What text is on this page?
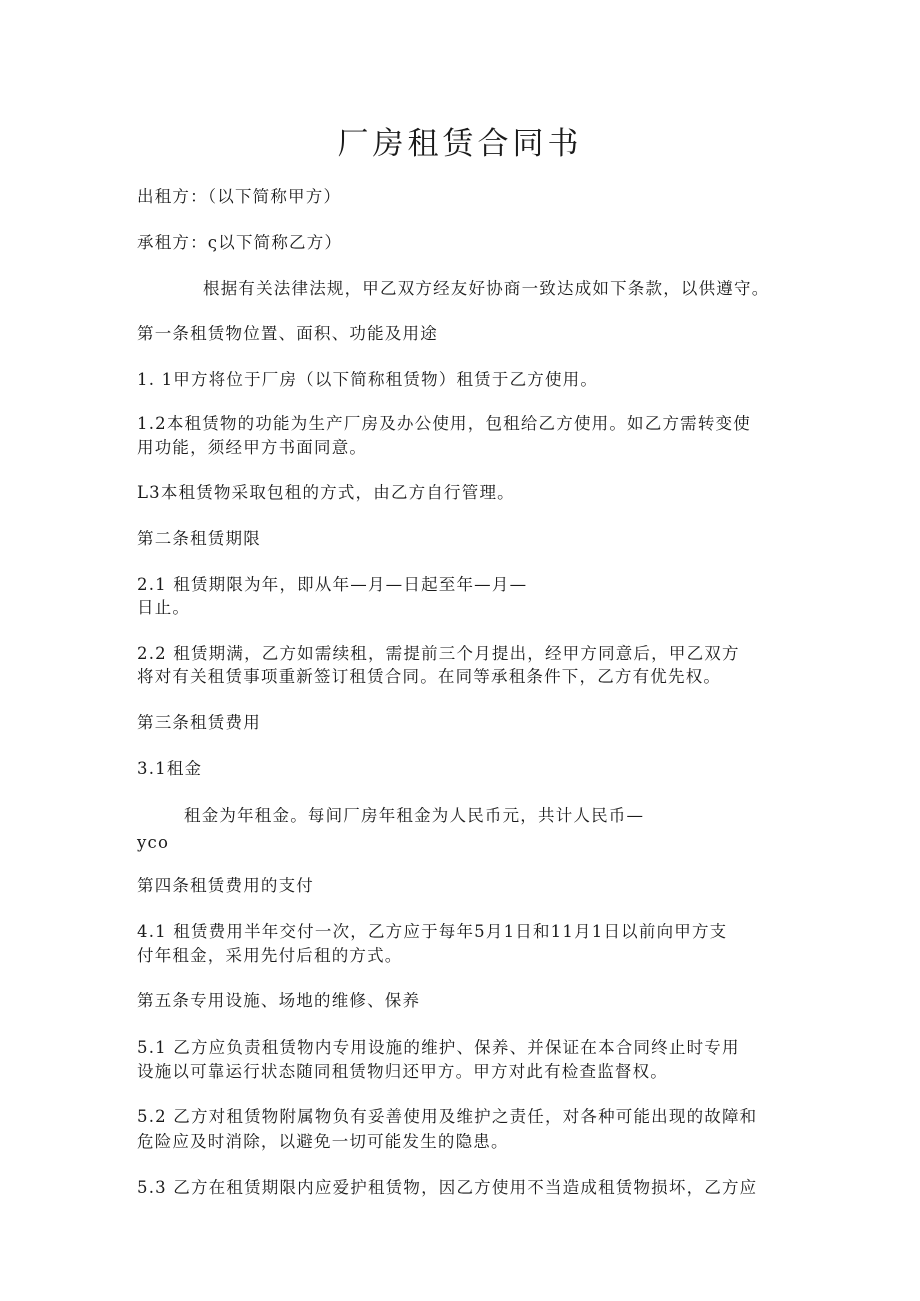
厂房租赁合同书
出租方：（以下简称甲方）
承租方：ς以下简称乙方）
根据有关法律法规，甲乙双方经友好协商一致达成如下条款，以供遵守。
第一条租赁物位置、面积、功能及用途
1. 1甲方将位于厂房（以下简称租赁物）租赁于乙方使用。
1.2本租赁物的功能为生产厂房及办公使用，包租给乙方使用。如乙方需转变使
用功能，须经甲方书面同意。
L3本租赁物采取包租的方式，由乙方自行管理。
第二条租赁期限
2.1 租赁期限为年，即从年—月—日起至年—月—
日止。
2.2 租赁期满，乙方如需续租，需提前三个月提出，经甲方同意后，甲乙双方
将对有关租赁事项重新签订租赁合同。在同等承租条件下，乙方有优先权。
第三条租赁费用
3.1租金
租金为年租金。每间厂房年租金为人民币元，共计人民币—
yco
第四条租赁费用的支付
4.1 租赁费用半年交付一次，乙方应于每年5月1日和11月1日以前向甲方支
付年租金，采用先付后租的方式。
第五条专用设施、场地的维修、保养
5.1 乙方应负责租赁物内专用设施的维护、保养、并保证在本合同终止时专用
设施以可靠运行状态随同租赁物归还甲方。甲方对此有检查监督权。
5.2 乙方对租赁物附属物负有妥善使用及维护之责任，对各种可能出现的故障和
危险应及时消除，以避免一切可能发生的隐患。
5.3 乙方在租赁期限内应爱护租赁物，因乙方使用不当造成租赁物损坏，乙方应
